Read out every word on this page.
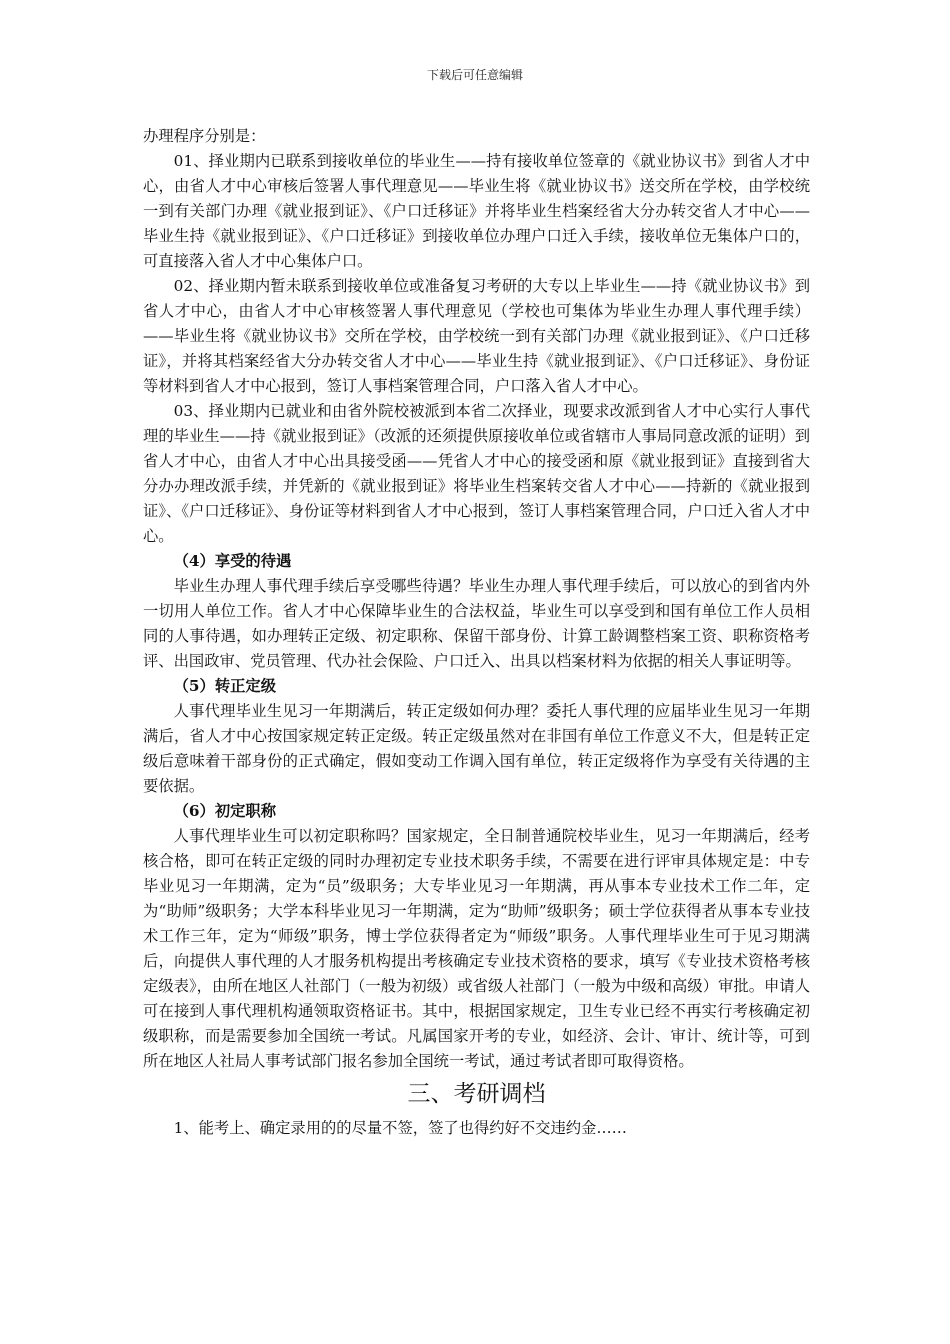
下载后可任意编辑

办理程序分别是：

01、择业期内已联系到接收单位的毕业生——持有接收单位签章的《就业协议书》到省人才中心，由省人才中心审核后签署人事代理意见——毕业生将《就业协议书》送交所在学校，由学校统一到有关部门办理《就业报到证》、《户口迁移证》并将毕业生档案经省大分办转交省人才中心——毕业生持《就业报到证》、《户口迁移证》到接收单位办理户口迁入手续，接收单位无集体户口的，可直接落入省人才中心集体户口。

02、择业期内暂未联系到接收单位或准备复习考研的大专以上毕业生——持《就业协议书》到省人才中心，由省人才中心审核签署人事代理意见（学校也可集体为毕业生办理人事代理手续）——毕业生将《就业协议书》交所在学校，由学校统一到有关部门办理《就业报到证》、《户口迁移证》，并将其档案经省大分办转交省人才中心——毕业生持《就业报到证》、《户口迁移证》、身份证等材料到省人才中心报到，签订人事档案管理合同，户口落入省人才中心。

03、择业期内已就业和由省外院校被派到本省二次择业，现要求改派到省人才中心实行人事代理的毕业生——持《就业报到证》（改派的还须提供原接收单位或省辖市人事局同意改派的证明）到省人才中心，由省人才中心出具接受函——凭省人才中心的接受函和原《就业报到证》直接到省大分办办理改派手续，并凭新的《就业报到证》将毕业生档案转交省人才中心——持新的《就业报到证》、《户口迁移证》、身份证等材料到省人才中心报到，签订人事档案管理合同，户口迁入省人才中心。

（4）享受的待遇

毕业生办理人事代理手续后享受哪些待遇？毕业生办理人事代理手续后，可以放心的到省内外一切用人单位工作。省人才中心保障毕业生的合法权益，毕业生可以享受到和国有单位工作人员相同的人事待遇，如办理转正定级、初定职称、保留干部身份、计算工龄调整档案工资、职称资格考评、出国政审、党员管理、代办社会保险、户口迁入、出具以档案材料为依据的相关人事证明等。

（5）转正定级

人事代理毕业生见习一年期满后，转正定级如何办理？委托人事代理的应届毕业生见习一年期满后，省人才中心按国家规定转正定级。转正定级虽然对在非国有单位工作意义不大，但是转正定级后意味着干部身份的正式确定，假如变动工作调入国有单位，转正定级将作为享受有关待遇的主要依据。

（6）初定职称

人事代理毕业生可以初定职称吗？国家规定，全日制普通院校毕业生，见习一年期满后，经考核合格，即可在转正定级的同时办理初定专业技术职务手续，不需要在进行评审具体规定是：中专毕业见习一年期满，定为“员”级职务；大专毕业见习一年期满，再从事本专业技术工作二年，定为“助师”级职务；大学本科毕业见习一年期满，定为“助师”级职务；硕士学位获得者从事本专业技术工作三年，定为“师级”职务，博士学位获得者定为“师级”职务。人事代理毕业生可于见习期满后，向提供人事代理的人才服务机构提出考核确定专业技术资格的要求，填写《专业技术资格考核定级表》，由所在地区人社部门（一般为初级）或省级人社部门（一般为中级和高级）审批。申请人可在接到人事代理机构通领取资格证书。其中，根据国家规定，卫生专业已经不再实行考核确定初级职称，而是需要参加全国统一考试。凡属国家开考的专业，如经济、会计、审计、统计等，可到所在地区人社局人事考试部门报名参加全国统一考试，通过考试者即可取得资格。

三、考研调档

1、能考上、确定录用的的尽量不签，签了也得约好不交违约金……
